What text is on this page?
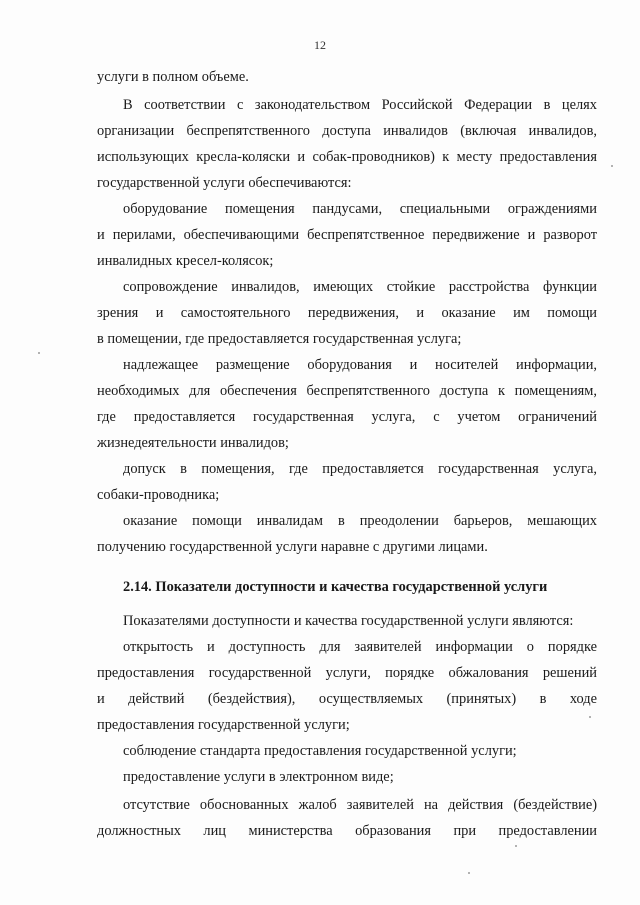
12
услуги в полном объеме.
В соответствии с законодательством Российской Федерации в целях
организации беспрепятственного доступа инвалидов (включая инвалидов,
использующих кресла-коляски и собак-проводников) к месту предоставления
государственной услуги обеспечиваются:
оборудование помещения пандусами, специальными ограждениями
и перилами, обеспечивающими беспрепятственное передвижение и разворот
инвалидных кресел-колясок;
сопровождение инвалидов, имеющих стойкие расстройства функции
зрения и самостоятельного передвижения, и оказание им помощи
в помещении, где предоставляется государственная услуга;
надлежащее размещение оборудования и носителей информации,
необходимых для обеспечения беспрепятственного доступа к помещениям,
где предоставляется государственная услуга, с учетом ограничений
жизнедеятельности инвалидов;
допуск в помещения, где предоставляется государственная услуга,
собаки-проводника;
оказание помощи инвалидам в преодолении барьеров, мешающих
получению государственной услуги наравне с другими лицами.
2.14. Показатели доступности и качества государственной услуги
Показателями доступности и качества государственной услуги являются:
открытость и доступность для заявителей информации о порядке
предоставления государственной услуги, порядке обжалования решений
и действий (бездействия), осуществляемых (принятых) в ходе
предоставления государственной услуги;
соблюдение стандарта предоставления государственной услуги;
предоставление услуги в электронном виде;
отсутствие обоснованных жалоб заявителей на действия (бездействие)
должностных лиц министерства образования при предоставлении
